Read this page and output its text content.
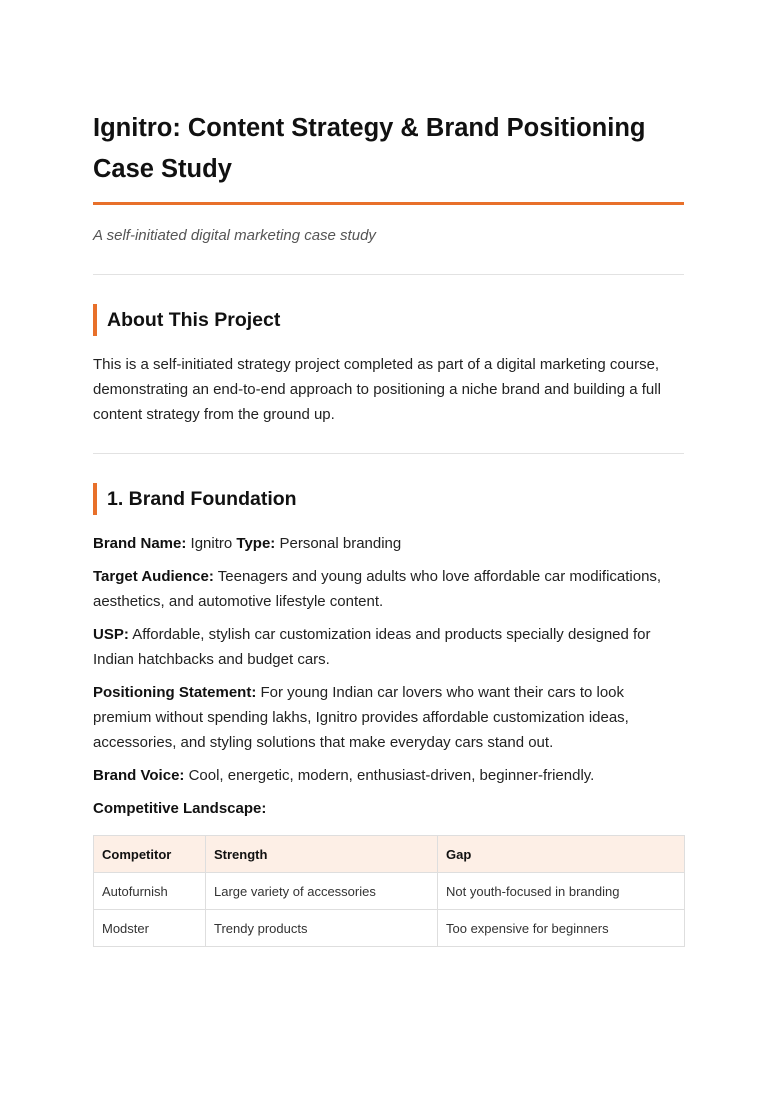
Ignitro: Content Strategy & Brand Positioning Case Study
A self-initiated digital marketing case study
About This Project

This is a self-initiated strategy project completed as part of a digital marketing course, demonstrating an end-to-end approach to positioning a niche brand and building a full content strategy from the ground up.

1. Brand Foundation

Brand Name: Ignitro Type: Personal branding

Target Audience: Teenagers and young adults who love affordable car modifications, aesthetics, and automotive lifestyle content.

USP: Affordable, stylish car customization ideas and products specially designed for Indian hatchbacks and budget cars.

Positioning Statement: For young Indian car lovers who want their cars to look premium without spending lakhs, Ignitro provides affordable customization ideas, accessories, and styling solutions that make everyday cars stand out.

Brand Voice: Cool, energetic, modern, enthusiast-driven, beginner-friendly.

Competitive Landscape:

Competitor	Strength	Gap
Autofurnish	Large variety of accessories	Not youth-focused in branding
Modster	Trendy products	Too expensive for beginners
